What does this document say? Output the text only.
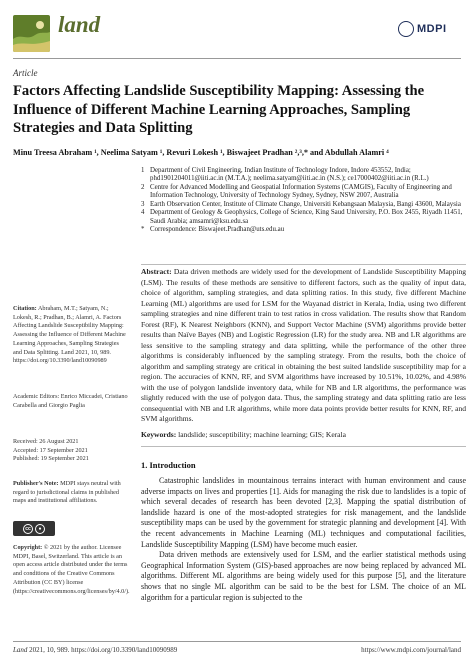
land	MDPI
Article
Factors Affecting Landslide Susceptibility Mapping: Assessing the Influence of Different Machine Learning Approaches, Sampling Strategies and Data Splitting
Minu Treesa Abraham ¹, Neelima Satyam ¹, Revuri Lokesh ¹, Biswajeet Pradhan ²,³,* and Abdullah Alamri ⁴
1 Department of Civil Engineering, Indian Institute of Technology Indore, Indore 453552, India; phd1901204011@iiti.ac.in (M.T.A.); neelima.satyam@iiti.ac.in (N.S.); ce17000402@iiti.ac.in (R.L.)
2 Centre for Advanced Modelling and Geospatial Information Systems (CAMGIS), Faculty of Engineering and Information Technology, University of Technology Sydney, Sydney, NSW 2007, Australia
3 Earth Observation Center, Institute of Climate Change, Universiti Kebangsaan Malaysia, Bangi 43600, Malaysia
4 Department of Geology & Geophysics, College of Science, King Saud University, P.O. Box 2455, Riyadh 11451, Saudi Arabia; amsamri@ksu.edu.sa
* Correspondence: Biswajeet.Pradhan@uts.edu.au

Abstract: Data driven methods are widely used for the development of Landslide Susceptibility Mapping (LSM). The results of these methods are sensitive to different factors, such as the quality of input data, choice of algorithm, sampling strategies, and data splitting ratios. In this study, five different Machine Learning (ML) algorithms are used for LSM for the Wayanad district in Kerala, India, using two different sampling strategies and nine different train to test ratios in cross validation. The results show that Random Forest (RF), K Nearest Neighbors (KNN), and Support Vector Machine (SVM) algorithms provide better results than Naïve Bayes (NB) and Logistic Regression (LR) for the study area. NB and LR algorithms are less sensitive to the sampling strategy and data splitting, while the performance of the other three algorithms is considerably influenced by the sampling strategy. From the results, both the choice of algorithm and sampling strategy are critical in obtaining the best suited landslide susceptibility map for a region. The accuracies of KNN, RF, and SVM algorithms have increased by 10.51%, 10.02%, and 4.98% with the use of polygon landslide inventory data, while for NB and LR algorithms, the performance was slightly reduced with the use of polygon data. Thus, the sampling strategy and data splitting ratio are less consequential with NB and LR algorithms, while more data points provide better results for KNN, RF, and SVM algorithms.

Keywords: landslide; susceptibility; machine learning; GIS; Kerala
1. Introduction

Catastrophic landslides in mountainous terrains interact with human environment and cause adverse impacts on lives and properties [1]. Aids for managing the risk due to landslides is a topic of which several decades of research has been devoted [2,3]. Mapping the spatial distribution of landslide hazard is one of the most-adopted strategies for risk management, and the landslide susceptibility maps can be used by the government for strategic planning and development [4]. With the recent advancements in Machine Learning (ML) techniques and computational facilities, Landslide Susceptibility Mapping (LSM) have become much easier.

Data driven methods are extensively used for LSM, and the earlier statistical methods using Geographical Information System (GIS)-based approaches are now being replaced by advanced ML algorithms. Different ML algorithms are being widely used for this purpose [5], and the literature shows that no single ML algorithm can be said to be the best for LSM. The choice of an ML algorithm for a particular region is subjected to the

Citation: Abraham, M.T.; Satyam, N.; Lokesh, R.; Pradhan, B.; Alamri, A. Factors Affecting Landslide Susceptibility Mapping: Assessing the Influence of Different Machine Learning Approaches, Sampling Strategies and Data Splitting. Land 2021, 10, 989. https://doi.org/10.3390/land10090989
Academic Editors: Enrico Miccadei, Cristiano Carabella and Giorgio Paglia
Received: 26 August 2021
Accepted: 17 September 2021
Published: 19 September 2021
Publisher's Note: MDPI stays neutral with regard to jurisdictional claims in published maps and institutional affiliations.
cc	●
Copyright: © 2021 by the author. Licensee MDPI, Basel, Switzerland. This article is an open access article distributed under the terms and conditions of the Creative Commons Attribution (CC BY) license (https://creativecommons.org/licenses/by/4.0/).
Land 2021, 10, 989. https://doi.org/10.3390/land10090989	https://www.mdpi.com/journal/land
